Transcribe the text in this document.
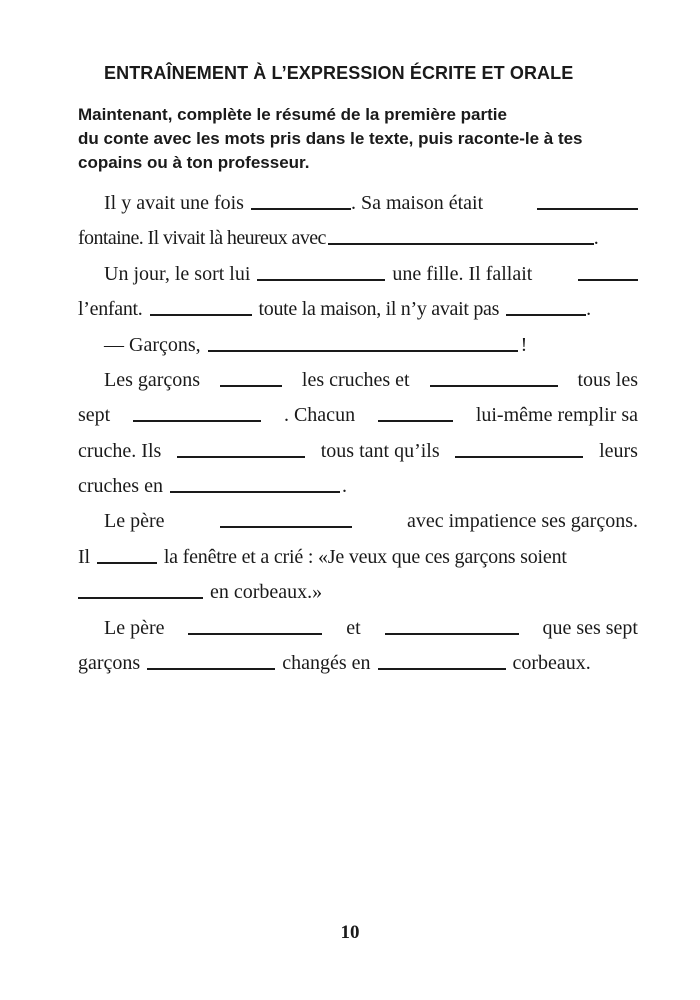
ENTRAÎNEMENT À L’EXPRESSION ÉCRITE ET ORALE

Maintenant, complète le résumé de la première partie
du conte avec les mots pris dans le texte, puis raconte-le à tes
copains ou à ton professeur.

Il y avait une fois	. Sa maison était
fontaine. Il vivait là heureux avec	.
Un jour, le sort lui	une fille. Il fallait
l’enfant.	toute la maison, il n’y avait pas	.
— Garçons,	!
Les garçons	les cruches et	tous les
sept	. Chacun	lui-même remplir sa
cruche. Ils	tous tant qu’ils	leurs
cruches en	.
Le père	avec impatience ses garçons.
Il	la fenêtre et a crié : «Je veux que ces garçons soient
en corbeaux.»
Le père	et	que ses sept
garçons	changés en	corbeaux.
10
